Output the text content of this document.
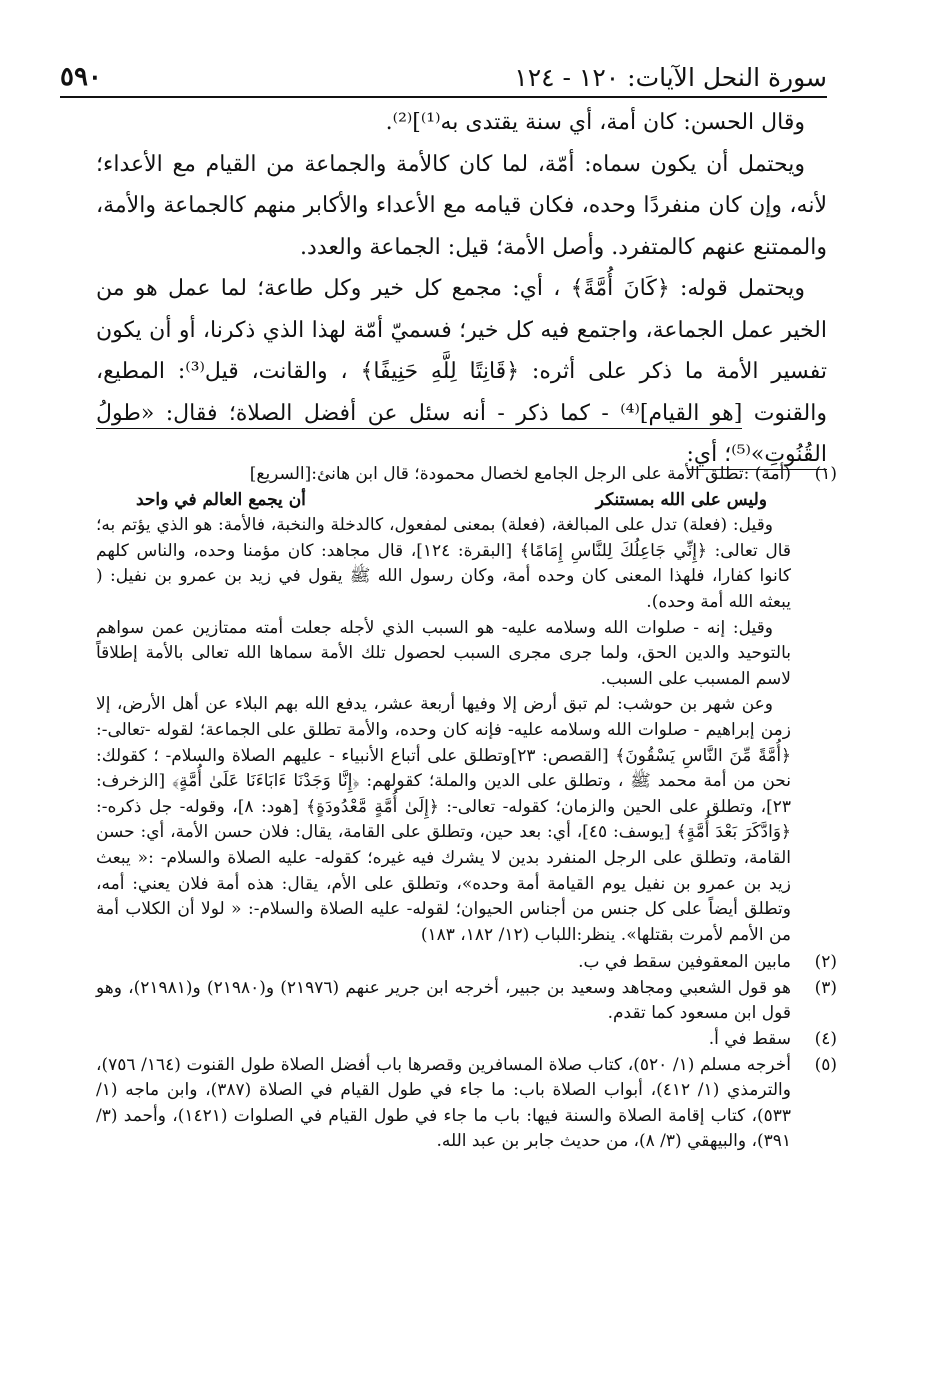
سورة النحل الآيات: ١٢٠ - ١٢٤
٥٩٠

وقال الحسن: كان أمة، أي سنة يقتدى به⁽¹⁾]⁽²⁾.

ويحتمل أن يكون سماه: أمّة، لما كان كالأمة والجماعة من القيام مع الأعداء؛ لأنه، وإن كان منفردًا وحده، فكان قيامه مع الأعداء والأكابر منهم كالجماعة والأمة، والممتنع عنهم كالمتفرد. وأصل الأمة؛ قيل: الجماعة والعدد.

ويحتمل قوله: ﴿كَانَ أُمَّةً﴾ ، أي: مجمع كل خير وكل طاعة؛ لما عمل هو من الخير عمل الجماعة، واجتمع فيه كل خير؛ فسميّ أمّة لهذا الذي ذكرنا، أو أن يكون تفسير الأمة ما ذكر على أثره: ﴿قَانِتًا لِلَّهِ حَنِيفًا﴾ ، والقانت، قيل⁽³⁾: المطيع، والقنوت [هو القيام]⁽⁴⁾ - كما ذكر - أنه سئل عن أفضل الصلاة؛ فقال: «طولُ القُنُوتِ»⁽⁵⁾؛ أي:

(١)

(أمة) :تطلق الأمة على الرجل الجامع لخصال محمودة؛ قال ابن هانئ:[السريع]

وليس على الله بمستنكر
أن يجمع العالم في واحد

وقيل: (فعلة) تدل على المبالغة، (فعلة) بمعنى لمفعول، كالدخلة والنخبة، فالأمة: هو الذي يؤتم به؛ قال تعالى: ﴿إِنِّي جَاعِلُكَ لِلنَّاسِ إِمَامًا﴾ [البقرة: ١٢٤]، قال مجاهد: كان مؤمنا وحده، والناس كلهم كانوا كفارا، فلهذا المعنى كان وحده أمة، وكان رسول الله ﷺ يقول في زيد بن عمرو بن نفيل: ( يبعثه الله أمة وحده).

وقيل: إنه - صلوات الله وسلامه عليه- هو السبب الذي لأجله جعلت أمته ممتازين عمن سواهم بالتوحيد والدين الحق، ولما جرى مجرى السبب لحصول تلك الأمة سماها الله تعالى بالأمة إطلاقاً لاسم المسبب على السبب.

وعن شهر بن حوشب: لم تبق أرض إلا وفيها أربعة عشر، يدفع الله بهم البلاء عن أهل الأرض، إلا زمن إبراهيم - صلوات الله وسلامه عليه- فإنه كان وحده، والأمة تطلق على الجماعة؛ لقوله -تعالى-: ﴿أُمَّةً مِّنَ النَّاسِ يَسْقُونَ﴾ [القصص: ٢٣]وتطلق على أتباع الأنبياء - عليهم الصلاة والسلام- ؛ كقولك: نحن من أمة محمد ﷺ ، وتطلق على الدين والملة؛ كقولهم: ﴿إِنَّا وَجَدْنَا ءَابَاءَنَا عَلَىٰ أُمَّةٍ﴾ [الزخرف: ٢٣]، وتطلق على الحين والزمان؛ كقوله- تعالى-: ﴿إِلَىٰ أُمَّةٍ مَّعْدُودَةٍ﴾ [هود: ٨]، وقوله- جل ذكره-: ﴿وَادَّكَرَ بَعْدَ أُمَّةٍ﴾ [يوسف: ٤٥]، أي: بعد حين، وتطلق على القامة، يقال: فلان حسن الأمة، أي: حسن القامة، وتطلق على الرجل المنفرد بدين لا يشرك فيه غيره؛ كقوله- عليه الصلاة والسلام- :« يبعث زيد بن عمرو بن نفيل يوم القيامة أمة وحده»، وتطلق على الأم، يقال: هذه أمة فلان يعني: أمه، وتطلق أيضاً على كل جنس من أجناس الحيوان؛ لقوله- عليه الصلاة والسلام-: « لولا أن الكلاب أمة من الأمم لأمرت بقتلها». ينظر:اللباب (١٢/ ١٨٢، ١٨٣)

(٢)

مابين المعقوفين سقط في ب.

(٣)

هو قول الشعبي ومجاهد وسعيد بن جبير، أخرجه ابن جرير عنهم (٢١٩٧٦) و(٢١٩٨٠) و(٢١٩٨١)، وهو قول ابن مسعود كما تقدم.

(٤)

سقط في أ.

(٥)

أخرجه مسلم (١/ ٥٢٠)، كتاب صلاة المسافرين وقصرها باب أفضل الصلاة طول القنوت (١٦٤/ ٧٥٦)، والترمذي (١/ ٤١٢)، أبواب الصلاة باب: ما جاء في طول القيام في الصلاة (٣٨٧)، وابن ماجه (١/ ٥٣٣)، كتاب إقامة الصلاة والسنة فيها: باب ما جاء في طول القيام في الصلوات (١٤٢١)، وأحمد (٣/ ٣٩١)، والبيهقي (٣/ ٨)، من حديث جابر بن عبد الله.
